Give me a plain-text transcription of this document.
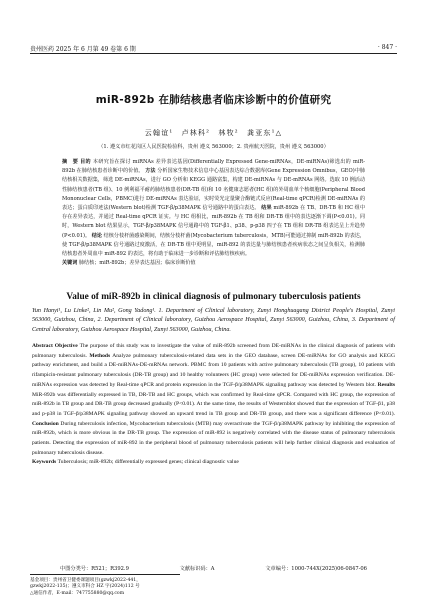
贵州医药 2025 年 6 月第 49 卷第 6 期	· 847 ·
miR-892b 在肺结核患者临床诊断中的价值研究
云翰谊¹　卢林科²　林牧²　龚亚东¹△
（1. 遵义市红花岗区人民医院检验科，贵州 遵义 563000；2. 贵州航天医院，贵州 遵义 563000）
摘　要 目的 本研究旨在探讨 miRNAs 差异表达基因(Differentially Expressed Gene-miRNAs，DE-miRNAs)筛选出的 miR-892b 在肺结核患者诊断中的价值。 方法 分析国家生物技术信息中心基因表达综合数据库(Gene Expression Omnibus，GEO)中肺结核相关数据集，筛选 DE-miRNAs，进行 GO 分析和 KEGG 通路富集，构建 DE-miRNAs 与 DE-mRNAs 网络。选取 10 例活动性肺结核患者(TB 组)、10 例利福平耐药肺结核患者(DR-TB 组)和 10 名健康志愿者(HC 组)的外周血单个核细胞(Peripheral Blood Mononuclear Cells，PBMC)进行 DE-miRNAs 表达验证，实时荧光定量聚合酶链式反应(Real-time qPCR)检测 DE-miRNAs 的表达；蛋白质印迹法(Western blot)检测 TGF-β/p38MAPK 信号通路中的蛋白表达。 结果 miR-892b 在 TB、DR-TB 和 HC 组中存在差异表达，并通过 Real-time qPCR 证实。与 HC 组相比，miR-892b 在 TB 组和 DR-TB 组中的表达逐渐下调(P<0.01)。同时，Western blot 结果显示，TGF-β/p38MAPK 信号通路中的 TGF-β1、p38、p-p38 四子在 TB 组和 DR-TB 组表达呈上升趋势(P<0.01)。 结论 结核分枝杆菌感染期间，结核分枝杆菌(Mycobacterium tuberculosis，MTB)可能通过抑制 miR-892b 的表达，使 TGF-β/p38MAPK 信号通路过度激活，在 DR-TB 组中更明显，miR-892 的表达量与肺结核患者疾病状态之间呈负相关，检测肺结核患者外周血中 miR-892 的表达，将有助于临床进一步诊断和评估肺结核疾病。
关键词 肺结核；miR-892b；差异表达基因；临床诊断价值
Value of miR-892b in clinical diagnosis of pulmonary tuberculosis patients
Yun Hanyi¹, Lu Linke², Lin Mu², Gong Yadong¹. 1. Department of Clinical laboratory, Zunyi Honghuagang District People's Hospital, Zunyi 563000, Guizhou, China, 2. Department of Clinical laboratory, Guizhou Aerospace Hospital, Zunyi 563000, Guizhou, China, 3. Department of Central laboratory, Guizhou Aerospace Hospital, Zunyi 563000, Guizhou, China.
Abstract Objective The purpose of this study was to investigate the value of miR-892b screened from DE-miRNAs in the clinical diagnosis of patients with pulmonary tuberculosis. Methods Analyze pulmonary tuberculosis-related data sets in the GEO database, screen DE-miRNAs for GO analysis and KEGG pathway enrichment, and build a DE-miRNAs-DE-mRNAs network. PBMC from 10 patients with active pulmonary tuberculosis (TB group), 10 patients with rifampicin-resistant pulmonary tuberculosis (DR-TB group) and 10 healthy volunteers (HC group) were selected for DE-miRNAs expression verification. DE-miRNAs expression was detected by Real-time qPCR and protein expression in the TGF-β/p38MAPK signaling pathway was detected by Western blot. Results MiR-892b was differentially expressed in TB, DR-TB and HC groups, which was confirmed by Real-time qPCR. Compared with HC group, the expression of miR-892b in TB group and DR-TB group decreased gradually (P<0.01). At the same time, the results of Westernblot showed that the expression of TGF-β1, p38 and p-p38 in TGF-β/p38MAPK signaling pathway showed an upward trend in TB group and DR-TB group, and there was a significant difference (P<0.01). Conclusion During tuberculosis infection, Mycobacterium tuberculosis (MTB) may overactivate the TGF-β/p38MAPK pathway by inhibiting the expression of miR-892b, which is more obvious in the DR-TB group. The expression of miR-892 is negatively correlated with the disease status of pulmonary tuberculosis patients. Detecting the expression of miR-892 in the peripheral blood of pulmonary tuberculosis patients will help further clinical diagnosis and evaluation of pulmonary tuberculosis disease.
Keywords Tuberculosis; miR-892b; differentially expressed genes; clinical diagnostic value
中图分类号：R521；R392.9	文献标识码：A	文章编号：1000-744X(2025)06-0847-06
基金项目：贵州省卫健委课题项目(gzwkj2022-441，
gzwkj2022-135)；遵义市科合 HZ 字(2024)112 号
△通信作者，E-mail：747755880@qq.com
